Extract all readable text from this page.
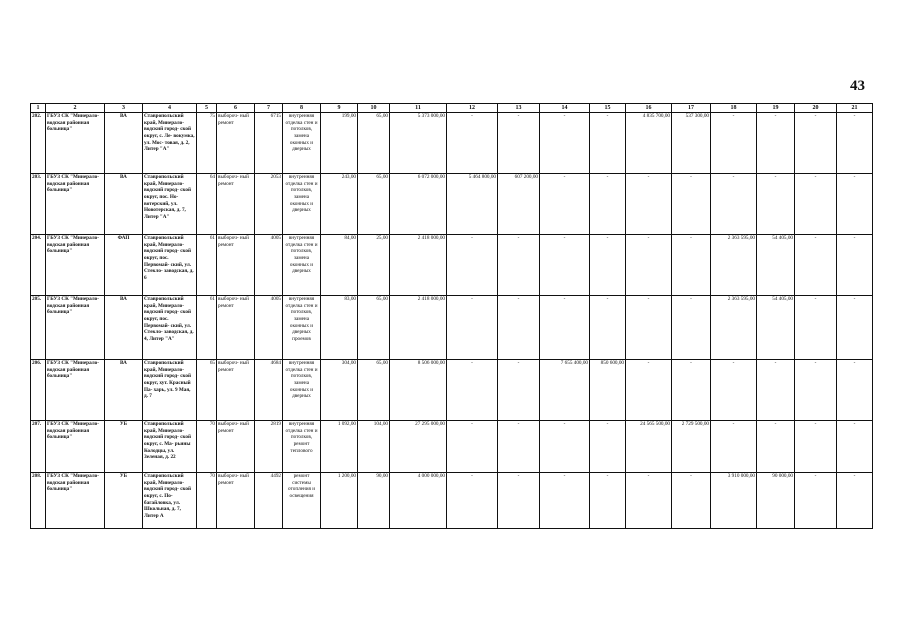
43
1	2	3	4	5	6	7	8	9	10	11	12	13	14	15	16	17	18	19	20	21
202.	ГБУЗ СК "Минерало- водская районная больница"	ВА	Ставропольский край, Минерало- водский город- ской округ, с. Ле- вокумка, ул. Мос- товая, д. 2, Литер "А"	75	выбороч- ный ремонт	6715	внутренняя отделка стен и потолков, замена оконных и дверных	199,00	65,00	5 373 000,00	-	-	-	-	4 835 700,00	537 300,00	-	-	-	-
203.	ГБУЗ СК "Минерало- водская районная больница"	ВА	Ставропольский край, Минерало- водский город- ской округ, пос. Но- вотерский, ул. Новотерская, д. 7, Литер "А"	64	выбороч- ный ремонт	2053	внутренняя отделка стен и потолков, замена оконных и дверных	243,00	65,00	6 072 000,00	5 464 800,00	607 200,00	-	-	-	-	-	-	-	-
204.	ГБУЗ СК "Минерало- водская районная больница"	ФАП	Ставропольский край, Минерало- водский город- ской округ, пос. Первомай- ский, ул. Стекло- заводская, д. 6	61	выбороч- ный ремонт	4005	внутренняя отделка стен и потолков, замена оконных и дверных	84,00	25,00	2 418 000,00	-	-	-	-	-	-	2 363 595,00	54 405,00	-	-
205.	ГБУЗ СК "Минерало- водская районная больница"	ВА	Ставропольский край, Минерало- водский город- ской округ, пос. Первомай- ский, ул. Стекло- заводская, д. 4, Литер "А"	61	выбороч- ный ремонт	4005	внутренняя отделка стен и потолков, замена оконных и дверных проемов	83,00	65,00	2 418 000,00	-	-	-	-	-	-	2 363 595,00	54 405,00	-	-
206.	ГБУЗ СК "Минерало- водская районная больница"	ВА	Ставропольский край, Минерало- водский город- ской округ, хут. Красный Па- харь, ул. 9 Мая, д. 7	65	выбороч- ный ремонт	4684	внутренняя отделка стен и потолков, замена оконных и дверных	304,00	65,00	8 506 000,00	-	-	7 655 400,00	850 600,00	-	-	-	-	-	-
207.	ГБУЗ СК "Минерало- водская районная больница"	УБ	Ставропольский край, Минерало- водский город- ской округ, с. Ма- рьины Колодцы, ул. Зеленая, д. 22	70	выбороч- ный ремонт	2819	внутренняя отделка стен и потолков, ремонт теплового	1 092,00	104,00	27 295 000,00	-	-	-	-	24 565 500,00	2 729 500,00	-	-	-	-
208.	ГБУЗ СК "Минерало- водская районная больница"	УБ	Ставропольский край, Минерало- водский город- ской округ, с. По- багайловка, ул. Школьная, д. 7, Литер А	70	выбороч- ный ремонт	4492	ремонт системы отопления и освещения	1 200,00	90,00	4 000 000,00	-	-	-	-	-	-	3 910 000,00	90 000,00	-	-
